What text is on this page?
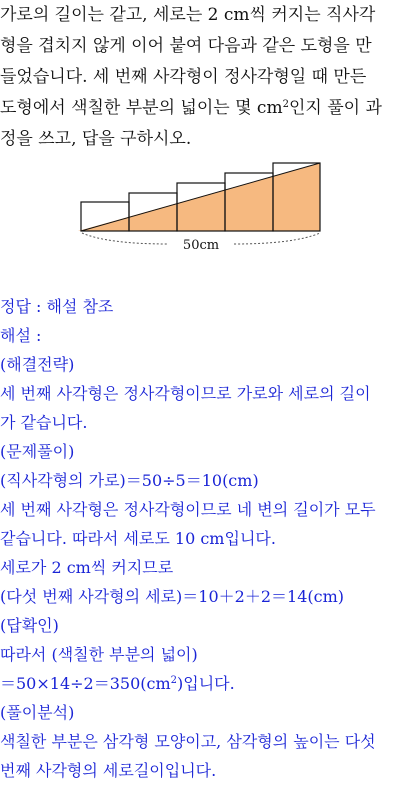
가로의 길이는 같고, 세로는 2 cm씩 커지는 직사각
형을 겹치지 않게 이어 붙여 다음과 같은 도형을 만
들었습니다. 세 번째 사각형이 정사각형일 때 만든
도형에서 색칠한 부분의 넓이는 몇 $cm^2$인지 풀이 과
정을 쓰고, 답을 구하시오.
50cm
정답 : 해설 참조
해설 :
(해결전략)
세 번째 사각형은 정사각형이므로 가로와 세로의 길이
가 같습니다.
(문제풀이)
(직사각형의 가로)＝50÷5＝10(cm)
세 번째 사각형은 정사각형이므로 네 변의 길이가 모두
같습니다. 따라서 세로도 10 cm입니다.
세로가 2 cm씩 커지므로
(다섯 번째 사각형의 세로)＝10＋2＋2＝14(cm)
(답확인)
따라서 (색칠한 부분의 넓이)
$=50\times 14\div 2=350(cm^2)$입니다.
(풀이분석)
색칠한 부분은 삼각형 모양이고, 삼각형의 높이는 다섯
번째 사각형의 세로길이입니다.
